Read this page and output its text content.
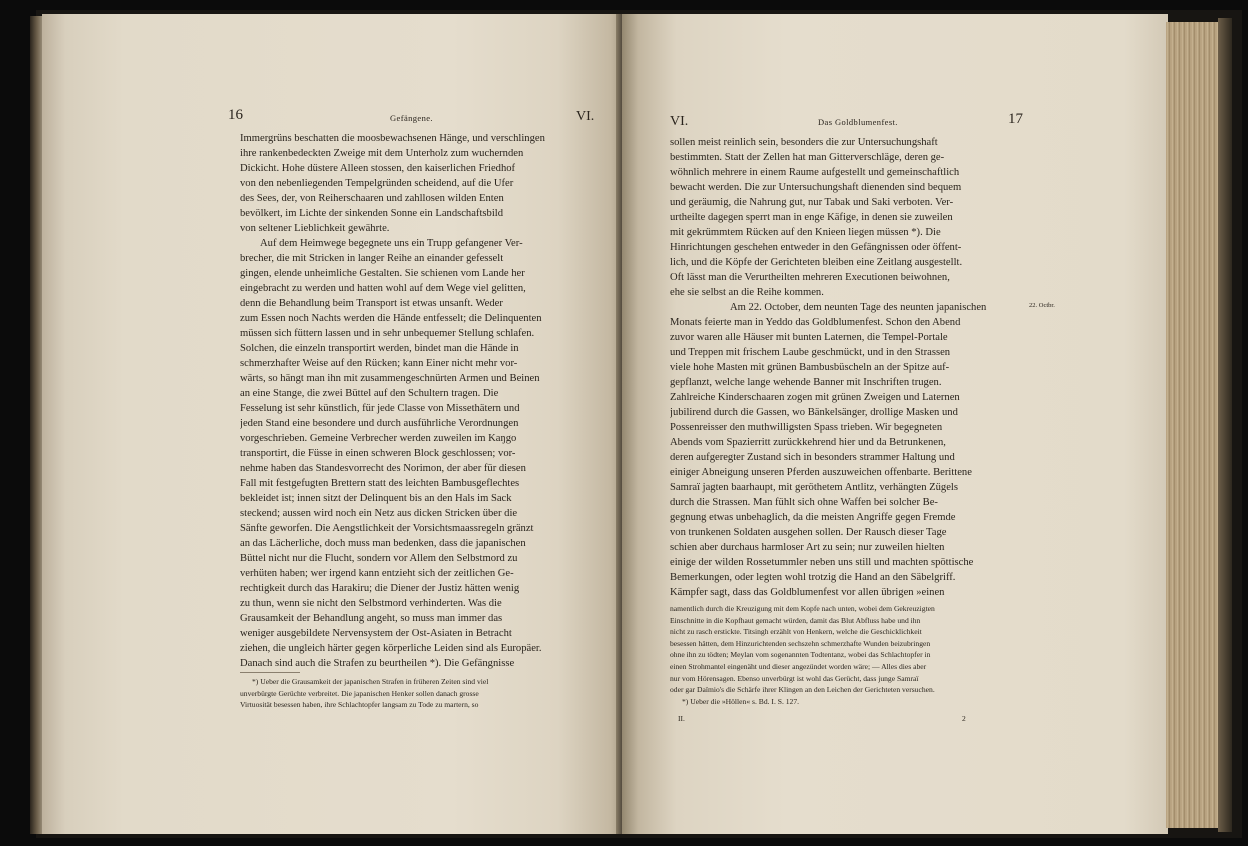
16	Gefängene.	VI.
Immergrüns beschatten die moosbewachsenen Hänge, und verschlingen
ihre rankenbedeckten Zweige mit dem Unterholz zum wuchernden
Dickicht. Hohe düstere Alleen stossen, den kaiserlichen Friedhof
von den nebenliegenden Tempelgründen scheidend, auf die Ufer
des Sees, der, von Reiherschaaren und zahllosen wilden Enten
bevölkert, im Lichte der sinkenden Sonne ein Landschaftsbild
von seltener Lieblichkeit gewährte.
Auf dem Heimwege begegnete uns ein Trupp gefangener Ver-
brecher, die mit Stricken in langer Reihe an einander gefesselt
gingen, elende unheimliche Gestalten. Sie schienen vom Lande her
eingebracht zu werden und hatten wohl auf dem Wege viel gelitten,
denn die Behandlung beim Transport ist etwas unsanft. Weder
zum Essen noch Nachts werden die Hände entfesselt; die Delinquenten
müssen sich füttern lassen und in sehr unbequemer Stellung schlafen.
Solchen, die einzeln transportirt werden, bindet man die Hände in
schmerzhafter Weise auf den Rücken; kann Einer nicht mehr vor-
wärts, so hängt man ihn mit zusammengeschnürten Armen und Beinen
an eine Stange, die zwei Büttel auf den Schultern tragen. Die
Fesselung ist sehr künstlich, für jede Classe von Missethätern und
jeden Stand eine besondere und durch ausführliche Verordnungen
vorgeschrieben. Gemeine Verbrecher werden zuweilen im Kaŋgo
transportirt, die Füsse in einen schweren Block geschlossen; vor-
nehme haben das Standesvorrecht des Norimon, der aber für diesen
Fall mit festgefugten Brettern statt des leichten Bambusgeflechtes
bekleidet ist; innen sitzt der Delinquent bis an den Hals im Sack
steckend; aussen wird noch ein Netz aus dicken Stricken über die
Sänfte geworfen. Die Aengstlichkeit der Vorsichtsmaassregeln gränzt
an das Lächerliche, doch muss man bedenken, dass die japanischen
Büttel nicht nur die Flucht, sondern vor Allem den Selbstmord zu
verhüten haben; wer irgend kann entzieht sich der zeitlichen Ge-
rechtigkeit durch das Harakiru; die Diener der Justiz hätten wenig
zu thun, wenn sie nicht den Selbstmord verhinderten. Was die
Grausamkeit der Behandlung angeht, so muss man immer das
weniger ausgebildete Nervensystem der Ost-Asiaten in Betracht
ziehen, die ungleich härter gegen körperliche Leiden sind als Europäer.
Danach sind auch die Strafen zu beurtheilen *). Die Gefängnisse
*) Ueber die Grausamkeit der japanischen Strafen in früheren Zeiten sind viel
unverbürgte Gerüchte verbreitet. Die japanischen Henker sollen danach grosse
Virtuosität besessen haben, ihre Schlachtopfer langsam zu Tode zu martern, so
VI.	Das Goldblumenfest.	17
sollen meist reinlich sein, besonders die zur Untersuchungshaft
bestimmten. Statt der Zellen hat man Gitterverschläge, deren ge-
wöhnlich mehrere in einem Raume aufgestellt und gemeinschaftlich
bewacht werden. Die zur Untersuchungshaft dienenden sind bequem
und geräumig, die Nahrung gut, nur Tabak und Saki verboten. Ver-
urtheilte dagegen sperrt man in enge Käfige, in denen sie zuweilen
mit gekrümmtem Rücken auf den Knieen liegen müssen *). Die
Hinrichtungen geschehen entweder in den Gefängnissen oder öffent-
lich, und die Köpfe der Gerichteten bleiben eine Zeitlang ausgestellt.
Oft lässt man die Verurtheilten mehreren Executionen beiwohnen,
ehe sie selbst an die Reihe kommen.
Am 22. October, dem neunten Tage des neunten japanischen
Monats feierte man in Yeddo das Goldblumenfest. Schon den Abend
zuvor waren alle Häuser mit bunten Laternen, die Tempel-Portale
und Treppen mit frischem Laube geschmückt, und in den Strassen
viele hohe Masten mit grünen Bambusbüscheln an der Spitze auf-
gepflanzt, welche lange wehende Banner mit Inschriften trugen.
Zahlreiche Kinderschaaren zogen mit grünen Zweigen und Laternen
jubilirend durch die Gassen, wo Bänkelsänger, drollige Masken und
Possenreisser den muthwilligsten Spass trieben. Wir begegneten
Abends vom Spazierritt zurückkehrend hier und da Betrunkenen,
deren aufgeregter Zustand sich in besonders strammer Haltung und
einiger Abneigung unseren Pferden auszuweichen offenbarte. Berittene
Samraï jagten baarhaupt, mit geröthetem Antlitz, verhängten Zügels
durch die Strassen. Man fühlt sich ohne Waffen bei solcher Be-
gegnung etwas unbehaglich, da die meisten Angriffe gegen Fremde
von trunkenen Soldaten ausgehen sollen. Der Rausch dieser Tage
schien aber durchaus harmloser Art zu sein; nur zuweilen hielten
einige der wilden Rossetummler neben uns still und machten spöttische
Bemerkungen, oder legten wohl trotzig die Hand an den Säbelgriff.
Kämpfer sagt, dass das Goldblumenfest vor allen übrigen »einen
22. Octbr.
namentlich durch die Kreuzigung mit dem Kopfe nach unten, wobei dem Gekreuzigten
Einschnitte in die Kopfhaut gemacht würden, damit das Blut Abfluss habe und ihn
nicht zu rasch erstickte. Titsingh erzählt von Henkern, welche die Geschicklichkeit
besessen hätten, dem Hinzurichtenden sechszehn schmerzhafte Wunden beizubringen
ohne ihn zu tödten; Meylan vom sogenannten Todtentanz, wobei das Schlachtopfer in
einen Strohmantel eingenäht und dieser angezündet worden wäre; — Alles dies aber
nur vom Hörensagen. Ebenso unverbürgt ist wohl das Gerücht, dass junge Samraï
oder gar Daïmio's die Schärfe ihrer Klingen an den Leichen der Gerichteten versuchen.
*) Ueber die »Höllen« s. Bd. I. S. 127.
II.	2
